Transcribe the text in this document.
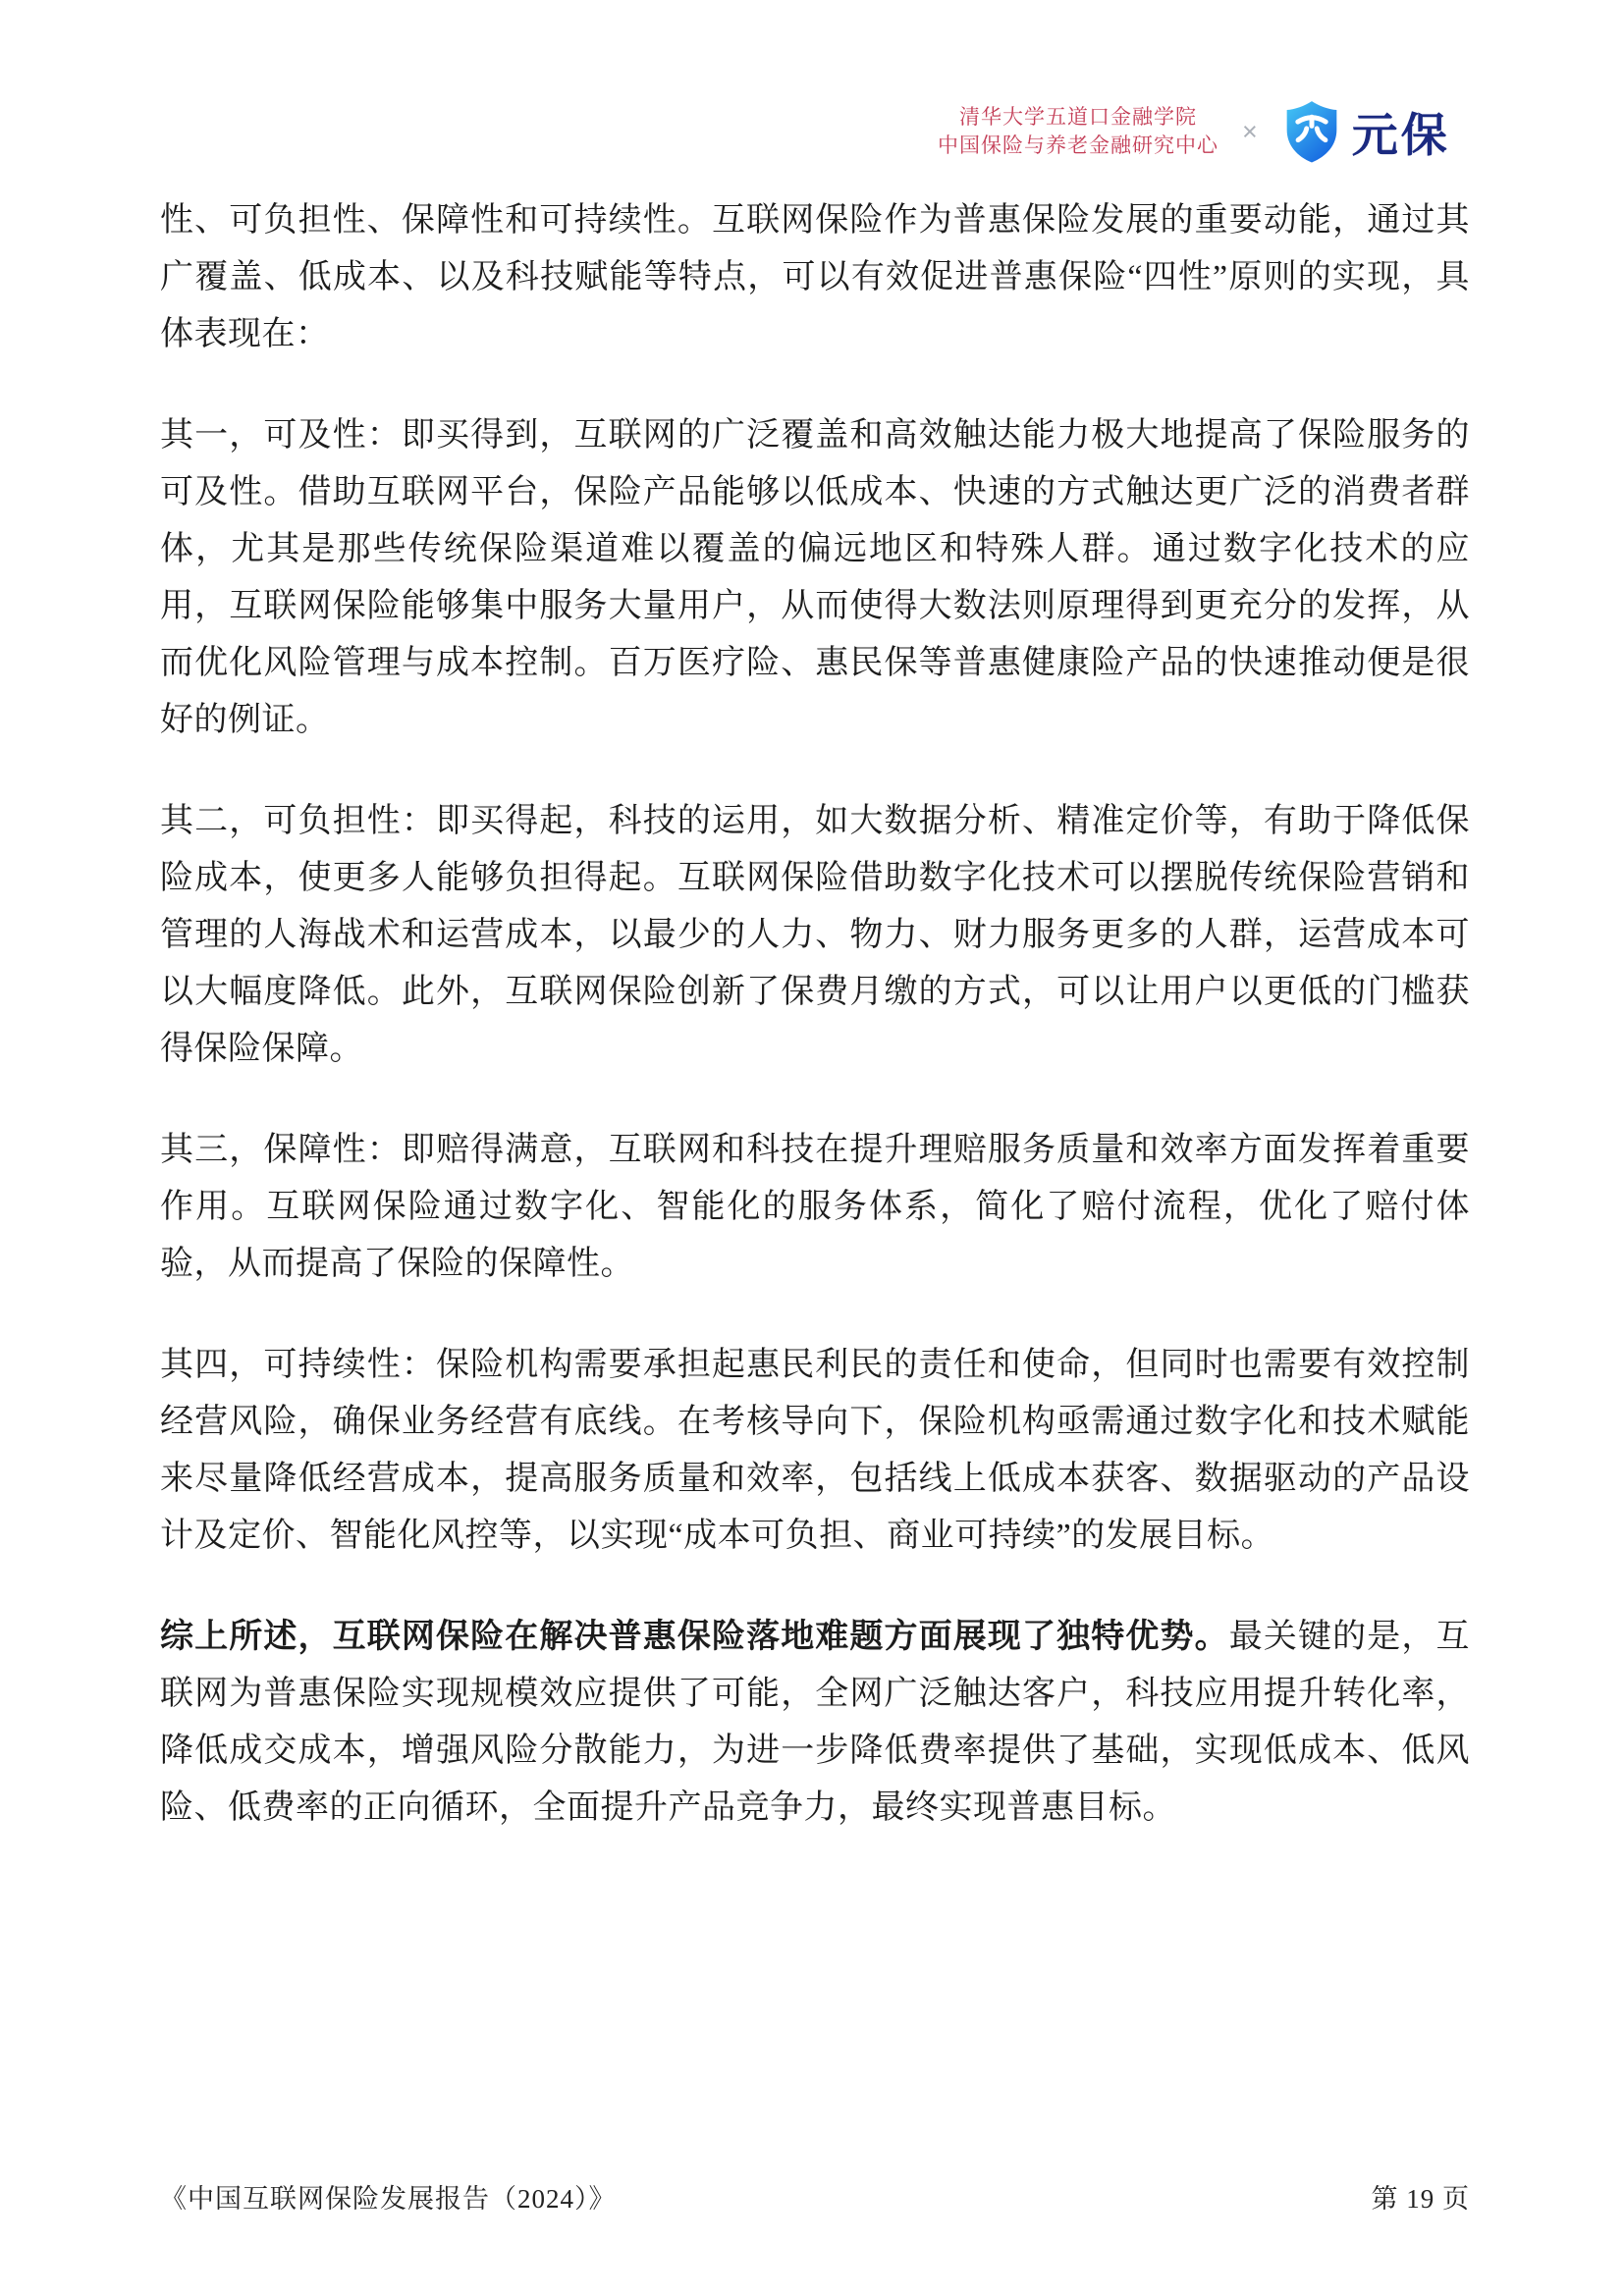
清华大学五道口金融学院
中国保险与养老金融研究中心 × 元保

性、可负担性、保障性和可持续性。互联网保险作为普惠保险发展的重要动能，通过其广覆盖、低成本、以及科技赋能等特点，可以有效促进普惠保险“四性”原则的实现，具体表现在：

其一，可及性：即买得到，互联网的广泛覆盖和高效触达能力极大地提高了保险服务的可及性。借助互联网平台，保险产品能够以低成本、快速的方式触达更广泛的消费者群体，尤其是那些传统保险渠道难以覆盖的偏远地区和特殊人群。通过数字化技术的应用，互联网保险能够集中服务大量用户，从而使得大数法则原理得到更充分的发挥，从而优化风险管理与成本控制。百万医疗险、惠民保等普惠健康险产品的快速推动便是很好的例证。

其二，可负担性：即买得起，科技的运用，如大数据分析、精准定价等，有助于降低保险成本，使更多人能够负担得起。互联网保险借助数字化技术可以摆脱传统保险营销和管理的人海战术和运营成本，以最少的人力、物力、财力服务更多的人群，运营成本可以大幅度降低。此外，互联网保险创新了保费月缴的方式，可以让用户以更低的门槛获得保险保障。

其三，保障性：即赔得满意，互联网和科技在提升理赔服务质量和效率方面发挥着重要作用。互联网保险通过数字化、智能化的服务体系，简化了赔付流程，优化了赔付体验，从而提高了保险的保障性。

其四，可持续性：保险机构需要承担起惠民利民的责任和使命，但同时也需要有效控制经营风险，确保业务经营有底线。在考核导向下，保险机构亟需通过数字化和技术赋能来尽量降低经营成本，提高服务质量和效率，包括线上低成本获客、数据驱动的产品设计及定价、智能化风控等，以实现“成本可负担、商业可持续”的发展目标。

综上所述，互联网保险在解决普惠保险落地难题方面展现了独特优势。最关键的是，互联网为普惠保险实现规模效应提供了可能，全网广泛触达客户，科技应用提升转化率，降低成交成本，增强风险分散能力，为进一步降低费率提供了基础，实现低成本、低风险、低费率的正向循环，全面提升产品竞争力，最终实现普惠目标。

《中国互联网保险发展报告（2024）》	第 19 页
